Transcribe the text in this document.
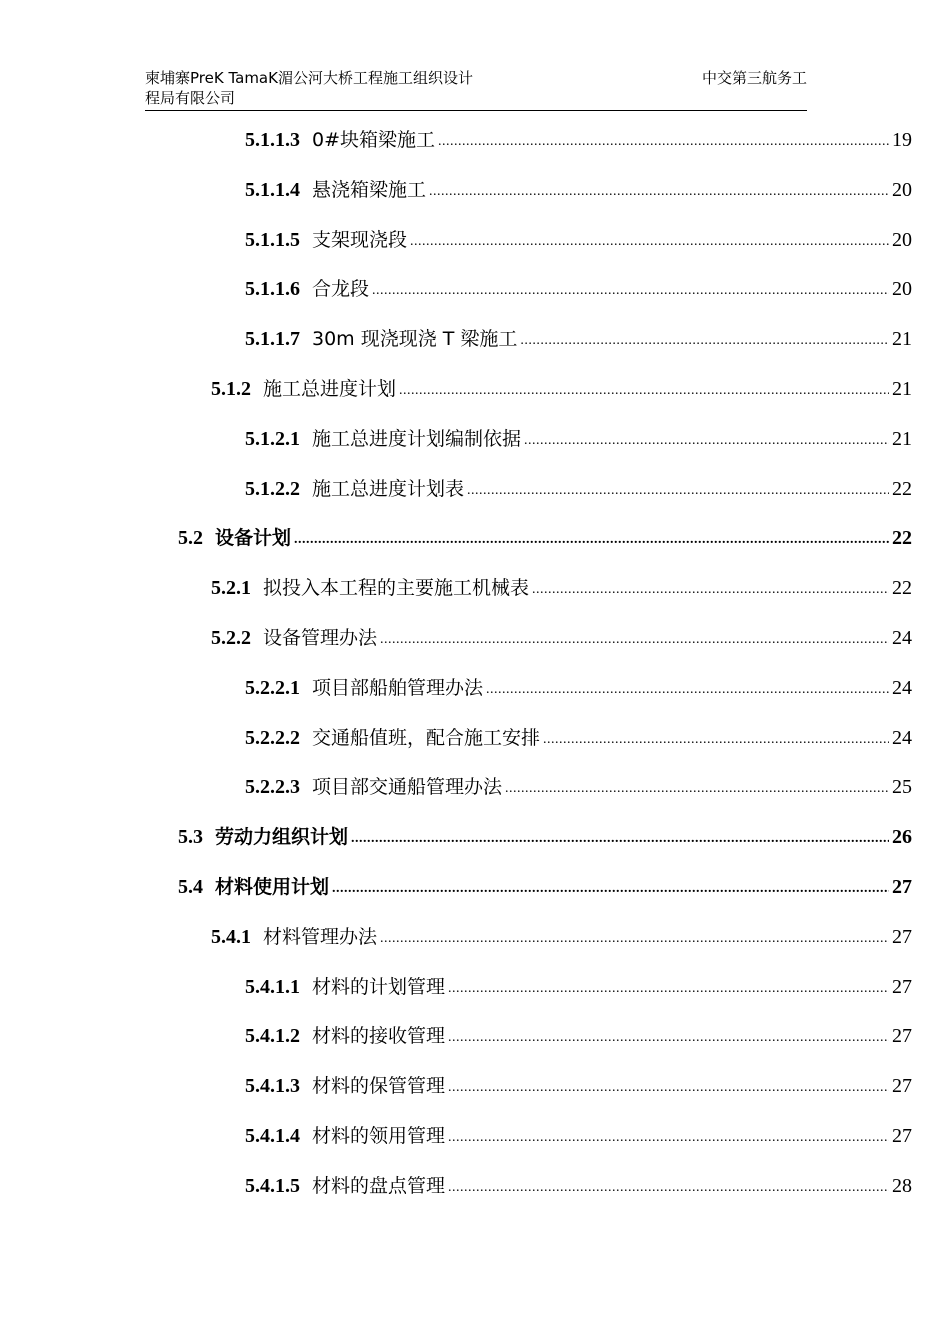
柬埔寨PreK TamaK湄公河大桥工程施工组织设计	中交第三航务工
程局有限公司
5.1.1.3 0#块箱梁施工 .....	19
5.1.1.4 悬浇箱梁施工 .....	20
5.1.1.5 支架现浇段 .....	20
5.1.1.6 合龙段 .....	20
5.1.1.7 30m 现浇现浇 T 梁施工 .....	21
5.1.2 施工总进度计划 .....	21
5.1.2.1 施工总进度计划编制依据 .....	21
5.1.2.2 施工总进度计划表 .....	22
5.2 设备计划 .....	22
5.2.1 拟投入本工程的主要施工机械表 .....	22
5.2.2 设备管理办法 .....	24
5.2.2.1 项目部船舶管理办法 .....	24
5.2.2.2 交通船值班，配合施工安排 .....	24
5.2.2.3 项目部交通船管理办法 .....	25
5.3 劳动力组织计划 .....	26
5.4 材料使用计划 .....	27
5.4.1 材料管理办法 .....	27
5.4.1.1 材料的计划管理 .....	27
5.4.1.2 材料的接收管理 .....	27
5.4.1.3 材料的保管管理 .....	27
5.4.1.4 材料的领用管理 .....	27
5.4.1.5 材料的盘点管理 .....	28
